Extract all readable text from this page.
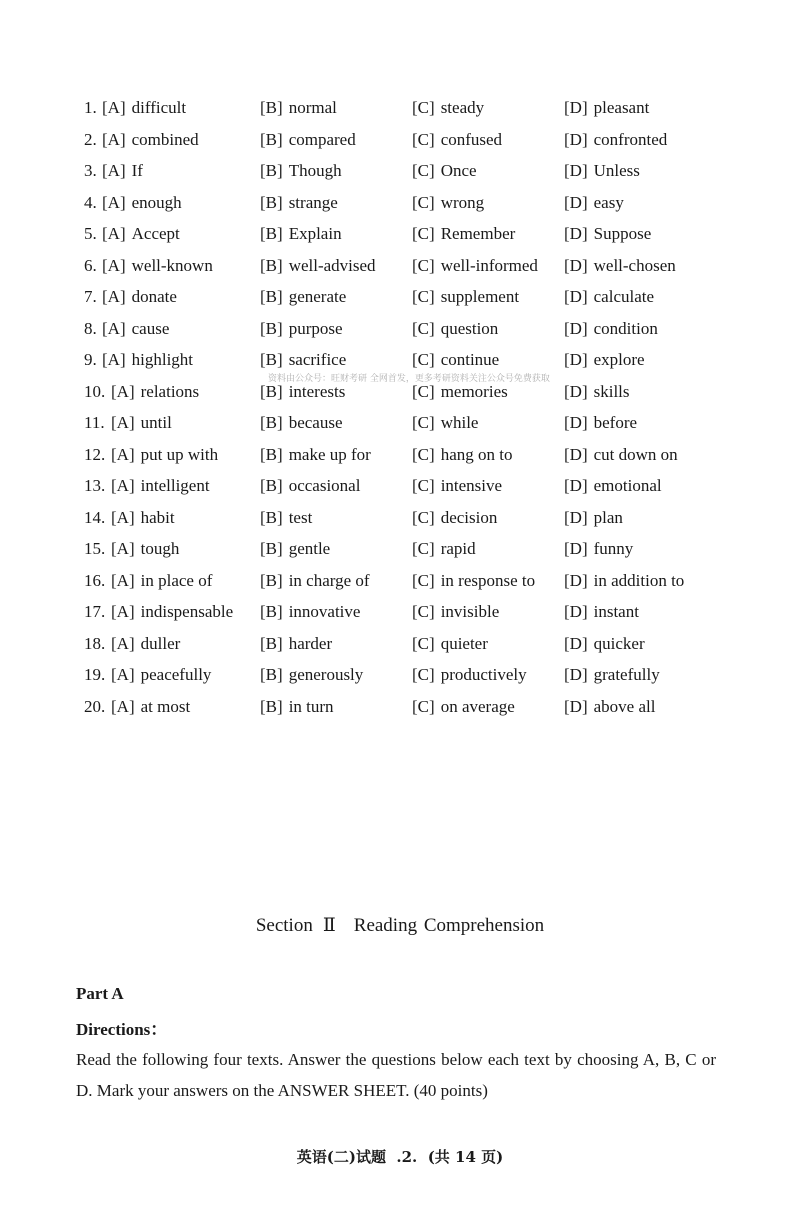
1. [A] difficult	[B] normal	[C] steady	[D] pleasant
2. [A] combined	[B] compared	[C] confused	[D] confronted
3. [A] If	[B] Though	[C] Once	[D] Unless
4. [A] enough	[B] strange	[C] wrong	[D] easy
5. [A] Accept	[B] Explain	[C] Remember	[D] Suppose
6. [A] well-known	[B] well-advised [C] well-informed [D] well-chosen
7. [A] donate	[B] generate	[C] supplement	[D] calculate
8. [A] cause	[B] purpose	[C] question	[D] condition
9. [A] highlight	[B] sacrifice	[C] continue	[D] explore
10. [A] relations	[B] interests	[C] memories	[D] skills
11. [A] until	[B] because	[C] while	[D] before
12. [A] put up with [B] make up for [C] hang on to	[D] cut down on
13. [A] intelligent	[B] occasional	[C] intensive	[D] emotional
14. [A] habit	[B] test	[C] decision	[D] plan
15. [A] tough	[B] gentle	[C] rapid	[D] funny
16. [A] in place of	[B] in charge of [C] in response to [D] in addition to
17. [A] indispensable [B] innovative	[C] invisible	[D] instant
18. [A] duller	[B] harder	[C] quieter	[D] quicker
19. [A] peacefully	[B] generously	[C] productively [D] gratefully
20. [A] at most	[B] in turn	[C] on average	[D] above all
资料由公众号：旺财考研 全网首发，更多考研资料关注公众号免费获取
Section Ⅱ Reading Comprehension
Part A
Directions：
Read the following four texts. Answer the questions below each text by choosing A, B, C or D. Mark your answers on the ANSWER SHEET. (40 points)
英语(二)试题  .2.  (共 14 页)
